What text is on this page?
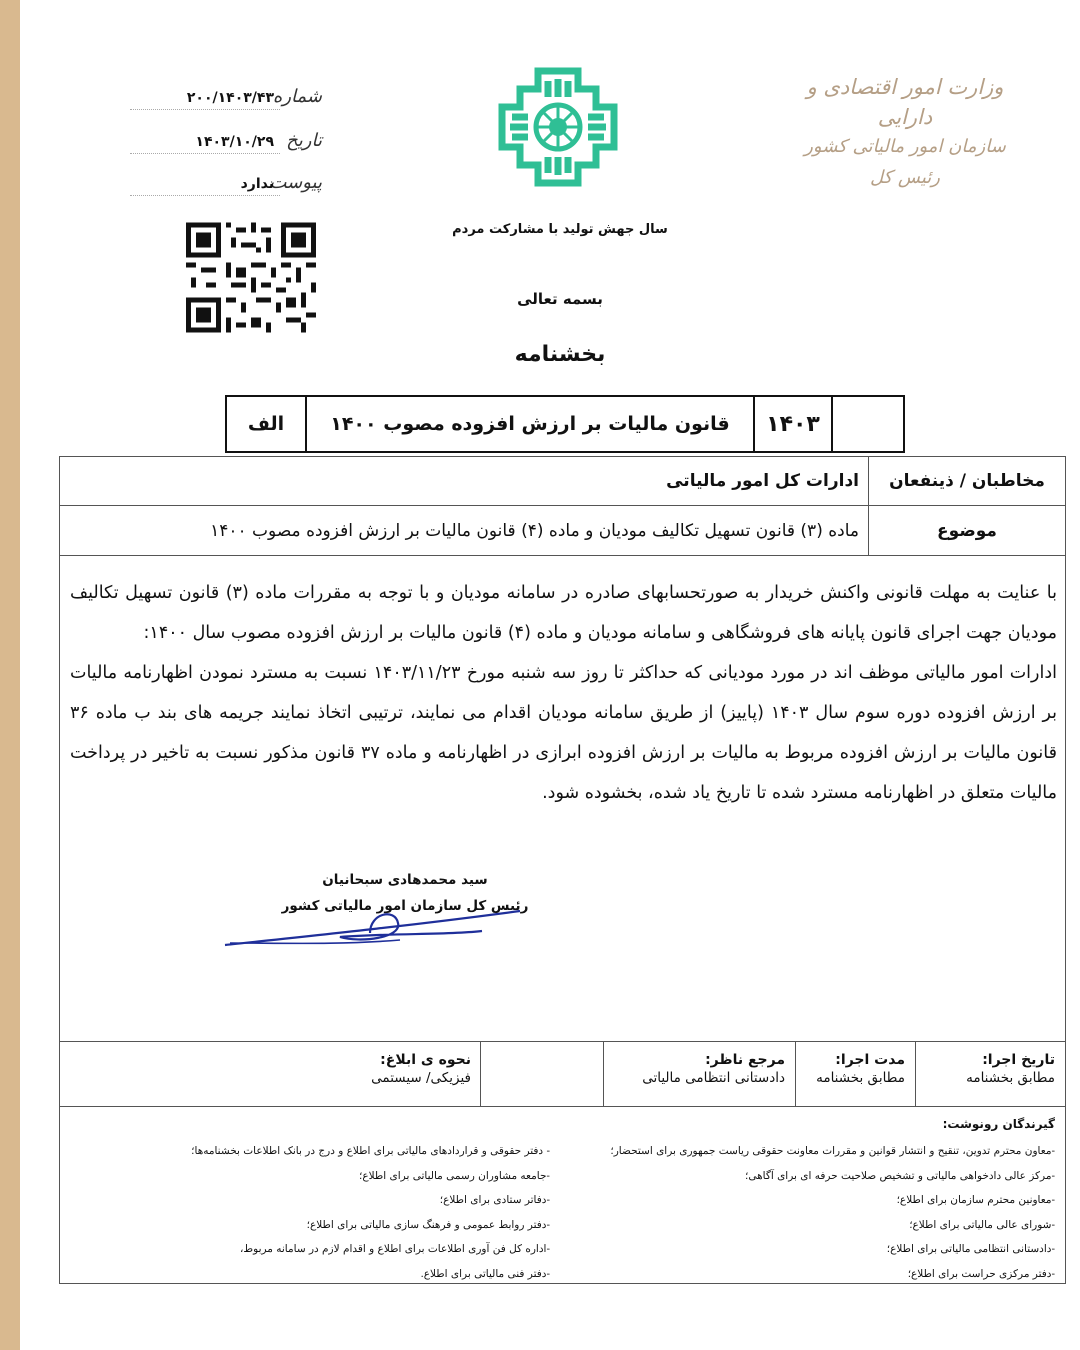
وزارت امور اقتصادی و دارایی
سازمان امور مالیاتی کشور
رئیس کل
سال جهش تولید با مشارکت مردم
شماره
۲۰۰/۱۴۰۳/۴۳
تاریخ
۱۴۰۳/۱۰/۲۹
پیوست
ندارد
بسمه تعالی
بخشنامه
۱۴۰۳
قانون مالیات بر ارزش افزوده مصوب ۱۴۰۰
الف
مخاطبان / ذینفعان
ادارات کل امور مالیاتی
موضوع
ماده (۳) قانون تسهیل تکالیف مودیان و ماده (۴) قانون مالیات بر ارزش افزوده مصوب ۱۴۰۰

با عنایت به مهلت قانونی واکنش خریدار به صورتحسابهای صادره در سامانه مودیان و با توجه به مقررات ماده (۳) قانون تسهیل تکالیف مودیان جهت اجرای قانون پایانه های فروشگاهی و سامانه مودیان و ماده (۴) قانون مالیات بر ارزش افزوده مصوب سال ۱۴۰۰:

ادارات امور مالیاتی موظف اند در مورد مودیانی که حداکثر تا روز سه شنبه مورخ ۱۴۰۳/۱۱/۲۳ نسبت به مسترد نمودن اظهارنامه مالیات بر ارزش افزوده دوره سوم سال ۱۴۰۳ (پاییز) از طریق سامانه مودیان اقدام می نمایند، ترتیبی اتخاذ نمایند جریمه های بند ب ماده ۳۶ قانون مالیات بر ارزش افزوده مربوط به مالیات بر ارزش افزوده ابرازی در اظهارنامه و ماده ۳۷ قانون مذکور نسبت به تاخیر در پرداخت مالیات متعلق در اظهارنامه مسترد شده تا تاریخ یاد شده، بخشوده شود.

سید محمدهادی سبحانیان
رئیس کل سازمان امور مالیاتی کشور
تاریخ اجرا:
مطابق بخشنامه
مدت اجرا:
مطابق بخشنامه
مرجع ناظر:
دادستانی انتظامی مالیاتی
نحوه ی ابلاغ:
فیزیکی/ سیستمی
گیرندگان رونوشت:
-معاون محترم تدوین، تنقیح و انتشار قوانین و مقررات معاونت حقوقی ریاست جمهوری برای استحضار؛
-مرکز عالی دادخواهی مالیاتی و تشخیص صلاحیت حرفه ای برای آگاهی؛
-معاونین محترم سازمان برای اطلاع؛
-شورای عالی مالیاتی برای اطلاع؛
-دادستانی انتظامی مالیاتی برای اطلاع؛
-دفتر مرکزی حراست برای اطلاع؛
- دفتر حقوقی و قراردادهای مالیاتی برای اطلاع و درج در بانک اطلاعات بخشنامه‌ها؛
-جامعه مشاوران رسمی مالیاتی برای اطلاع؛
-دفاتر ستادی برای اطلاع؛
-دفتر روابط عمومی و فرهنگ سازی مالیاتی برای اطلاع؛
-اداره کل فن آوری اطلاعات برای اطلاع و اقدام لازم در سامانه مربوط،
-دفتر فنی مالیاتی برای اطلاع.
